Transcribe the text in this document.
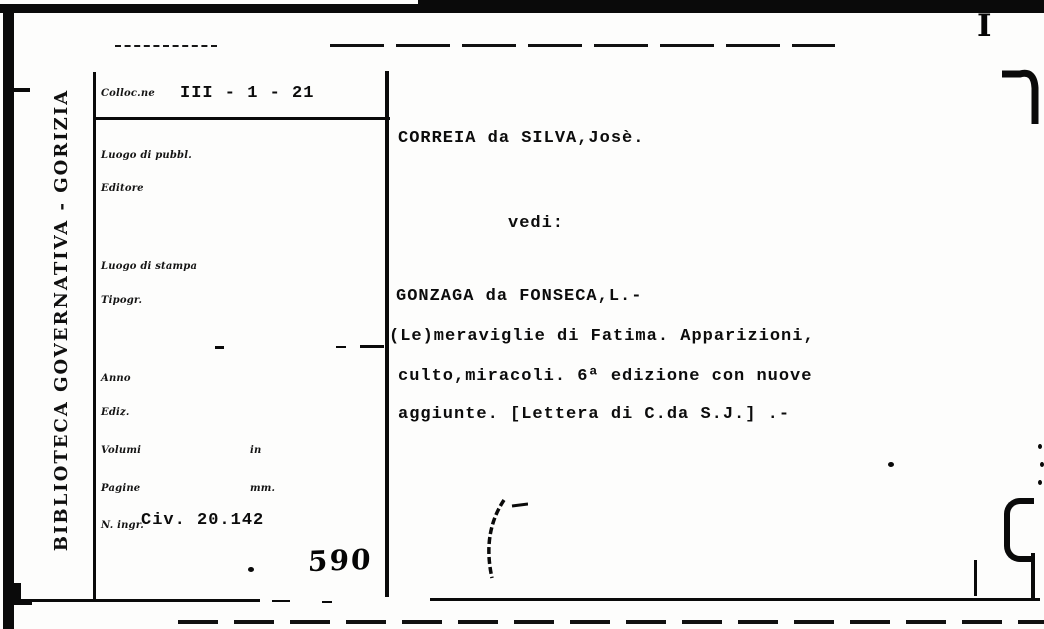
BIBLIOTECA GOVERNATIVA - GORIZIA
I
Colloc.ne III - 1 - 21
Luogo di pubbl.
Editore
Luogo di stampa
Tipogr.
Anno
Ediz.
Volumi	in
Pagine	mm.
N. ingr.
Civ. 20.142
590
CORREIA da SILVA,Josè.
vedi:
GONZAGA da FONSECA,L.-
(Le)meraviglie di Fatima. Apparizioni,
culto,miracoli. 6ª edizione con nuove
aggiunte. [Lettera di C.da S.J.] .-
